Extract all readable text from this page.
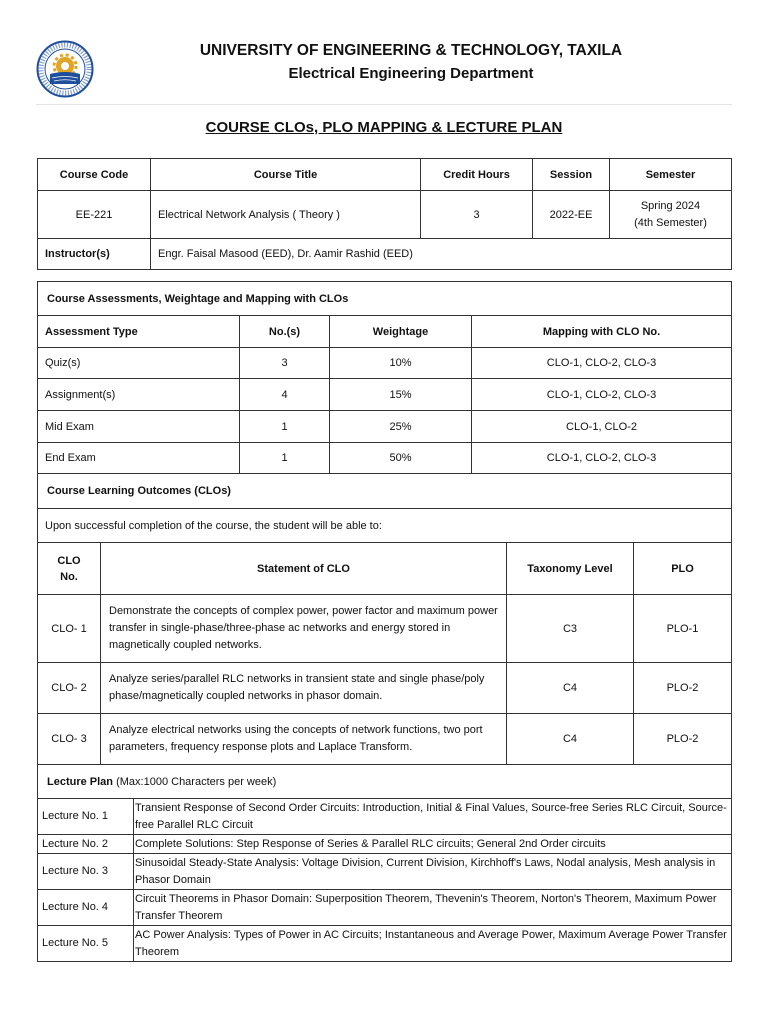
UNIVERSITY OF ENGINEERING & TECHNOLOGY, TAXILA
Electrical Engineering Department
COURSE CLOs, PLO MAPPING & LECTURE PLAN
Course Code	Course Title	Credit Hours	Session	Semester
EE-221	Electrical Network Analysis ( Theory )	3	2022-EE	Spring 2024
(4th Semester)

Instructor(s)	Engr. Faisal Masood (EED), Dr. Aamir Rashid (EED)			
Course Assessments, Weightage and Mapping with CLOs			
Assessment Type	No.(s)	Weightage	Mapping with CLO No.
Quiz(s)	3	10%	CLO-1, CLO-2, CLO-3
Assignment(s)	4	15%	CLO-1, CLO-2, CLO-3
Mid Exam	1	25%	CLO-1, CLO-2
End Exam	1	50%	CLO-1, CLO-2, CLO-3
Course Learning Outcomes (CLOs)			
Upon successful completion of the course, the student will be able to:			
CLO
No.	Statement of CLO	Taxonomy Level	PLO
CLO- 1	Demonstrate the concepts of complex power, power factor and maximum power transfer in single-phase/three-phase ac networks and energy stored in magnetically coupled networks.	C3	PLO-1
CLO- 2	Analyze series/parallel RLC networks in transient state and single phase/poly phase/magnetically coupled networks in phasor domain.	C4	PLO-2
CLO- 3	Analyze electrical networks using the concepts of network functions, two port parameters, frequency response plots and Laplace Transform.	C4	PLO-2
Lecture Plan (Max:1000 Characters per week)	
Lecture No. 1	Transient Response of Second Order Circuits: Introduction, Initial & Final Values, Source-free Series RLC Circuit, Source-free Parallel RLC Circuit
Lecture No. 2	Complete Solutions: Step Response of Series & Parallel RLC circuits; General 2nd Order circuits
Lecture No. 3	Sinusoidal Steady-State Analysis: Voltage Division, Current Division, Kirchhoff's Laws, Nodal analysis, Mesh analysis in Phasor Domain
Lecture No. 4	Circuit Theorems in Phasor Domain: Superposition Theorem, Thevenin's Theorem, Norton's Theorem, Maximum Power Transfer Theorem
Lecture No. 5	AC Power Analysis: Types of Power in AC Circuits; Instantaneous and Average Power, Maximum Average Power Transfer Theorem
